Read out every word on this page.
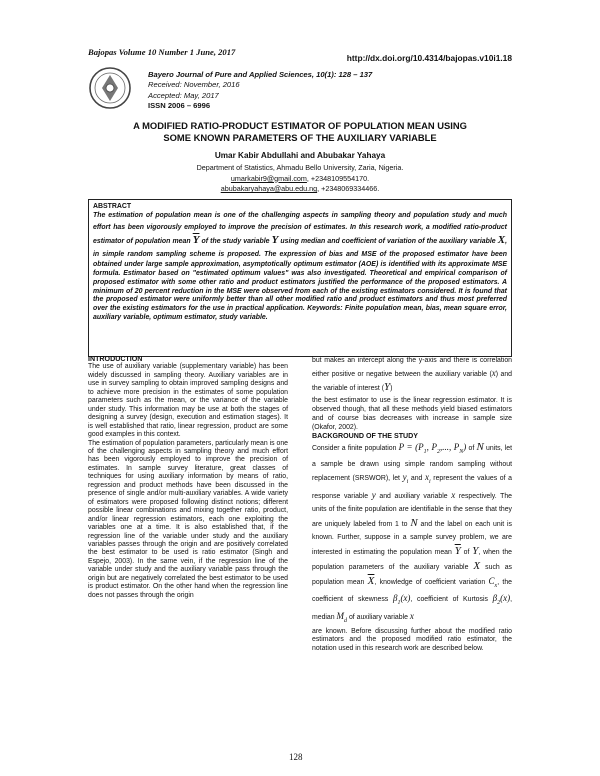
Bajopas Volume 10 Number 1 June, 2017
http://dx.doi.org/10.4314/bajopas.v10i1.18
Bayero Journal of Pure and Applied Sciences, 10(1): 128 – 137
Received: November, 2016
Accepted: May, 2017
ISSN 2006 – 6996
A MODIFIED RATIO-PRODUCT ESTIMATOR OF POPULATION MEAN USING
SOME KNOWN PARAMETERS OF THE AUXILIARY VARIABLE
Umar Kabir Abdullahi and Abubakar Yahaya
Department of Statistics, Ahmadu Bello University, Zaria, Nigeria.
umarkabir9@gmail.com, +2348109554170.
abubakaryahaya@abu.edu.ng, +2348069334466.
ABSTRACT

The estimation of population mean is one of the challenging aspects in sampling theory and population study and much effort has been vigorously employed to improve the precision of estimates. In this research work, a modified ratio-product estimator of population mean $\overline{Y}$ of the study variable Y using median and coefficient of variation of the auxiliary variable X, in simple random sampling scheme is proposed. The expression of bias and MSE of the proposed estimator have been obtained under large sample approximation, asymptotically optimum estimator (AOE) is identified with its approximate MSE formula. Estimator based on "estimated optimum values" was also investigated. Theoretical and empirical comparison of proposed estimator with some other ratio and product estimators justified the performance of the proposed estimators. A minimum of 20 percent reduction in the MSE were observed from each of the existing estimators considered. It is found that the proposed estimator were uniformly better than all other modified ratio and product estimators and thus most preferred over the existing estimators for the use in practical application. Keywords: Finite population mean, bias, mean square error, auxiliary variable, optimum estimator, study variable.

INTRODUCTION

The use of auxiliary variable (supplementary variable) has been widely discussed in sampling theory. Auxiliary variables are in use in survey sampling to obtain improved sampling designs and to achieve more precision in the estimates of some population parameters such as the mean, or the variance of the variable under study. This information may be use at both the stages of designing a survey (design, execution and estimation stages). It is well established that ratio, linear regression, product are some good examples in this context.

The estimation of population parameters, particularly mean is one of the challenging aspects in sampling theory and much effort has been vigorously employed to improve the precision of estimates. In sample survey literature, great classes of techniques for using auxiliary information by means of ratio, regression and product methods have been discussed in the presence of single and/or multi-auxiliary variables. A wide variety of estimators were proposed following distinct notions; different possible linear combinations and mixing together ratio, product, and/or linear regression estimators, each one exploiting the variables one at a time. It is also established that, if the regression line of the variable under study and the auxiliary variables passes through the origin and are positively correlated the best estimator to be used is ratio estimator (Singh and Espejo, 2003). In the same vein, if the regression line of the variable under study and the auxiliary variable pass through the origin but are negatively correlated the best estimator to be used is product estimator. On the other hand when the regression line does not passes through the origin

but makes an intercept along the y-axis and there is correlation either positive or negative between the auxiliary variable (x) and the variable of interest (Y)

the best estimator to use is the linear regression estimator. It is observed though, that all these methods yield biased estimators and of course bias decreases with increase in sample size (Okafor, 2002).

BACKGROUND OF THE STUDY

Consider a finite population $P = (P_1$, $P_2$,..., $P_N$) of N units, let a sample be drawn using simple random sampling without replacement (SRSWOR), let $y_i$ and $x_i$ represent the values of a response variable y and auxiliary variable x respectively. The units of the finite population are identifiable in the sense that they are uniquely labeled from 1 to N and the label on each unit is known. Further, suppose in a sample survey problem, we are interested in estimating the population mean $\overline{Y}$ of Y, when the population parameters of the auxiliary variable X such as population mean $\overline{X}$, knowledge of coefficient variation $C_x$, the coefficient of skewness $\beta_1(x)$, coefficient of Kurtosis $\beta_2(x)$, median $M_d$ of auxiliary variable x

are known. Before discussing further about the modified ratio estimators and the proposed modified ratio estimator, the notation used in this research work are described below.

128
